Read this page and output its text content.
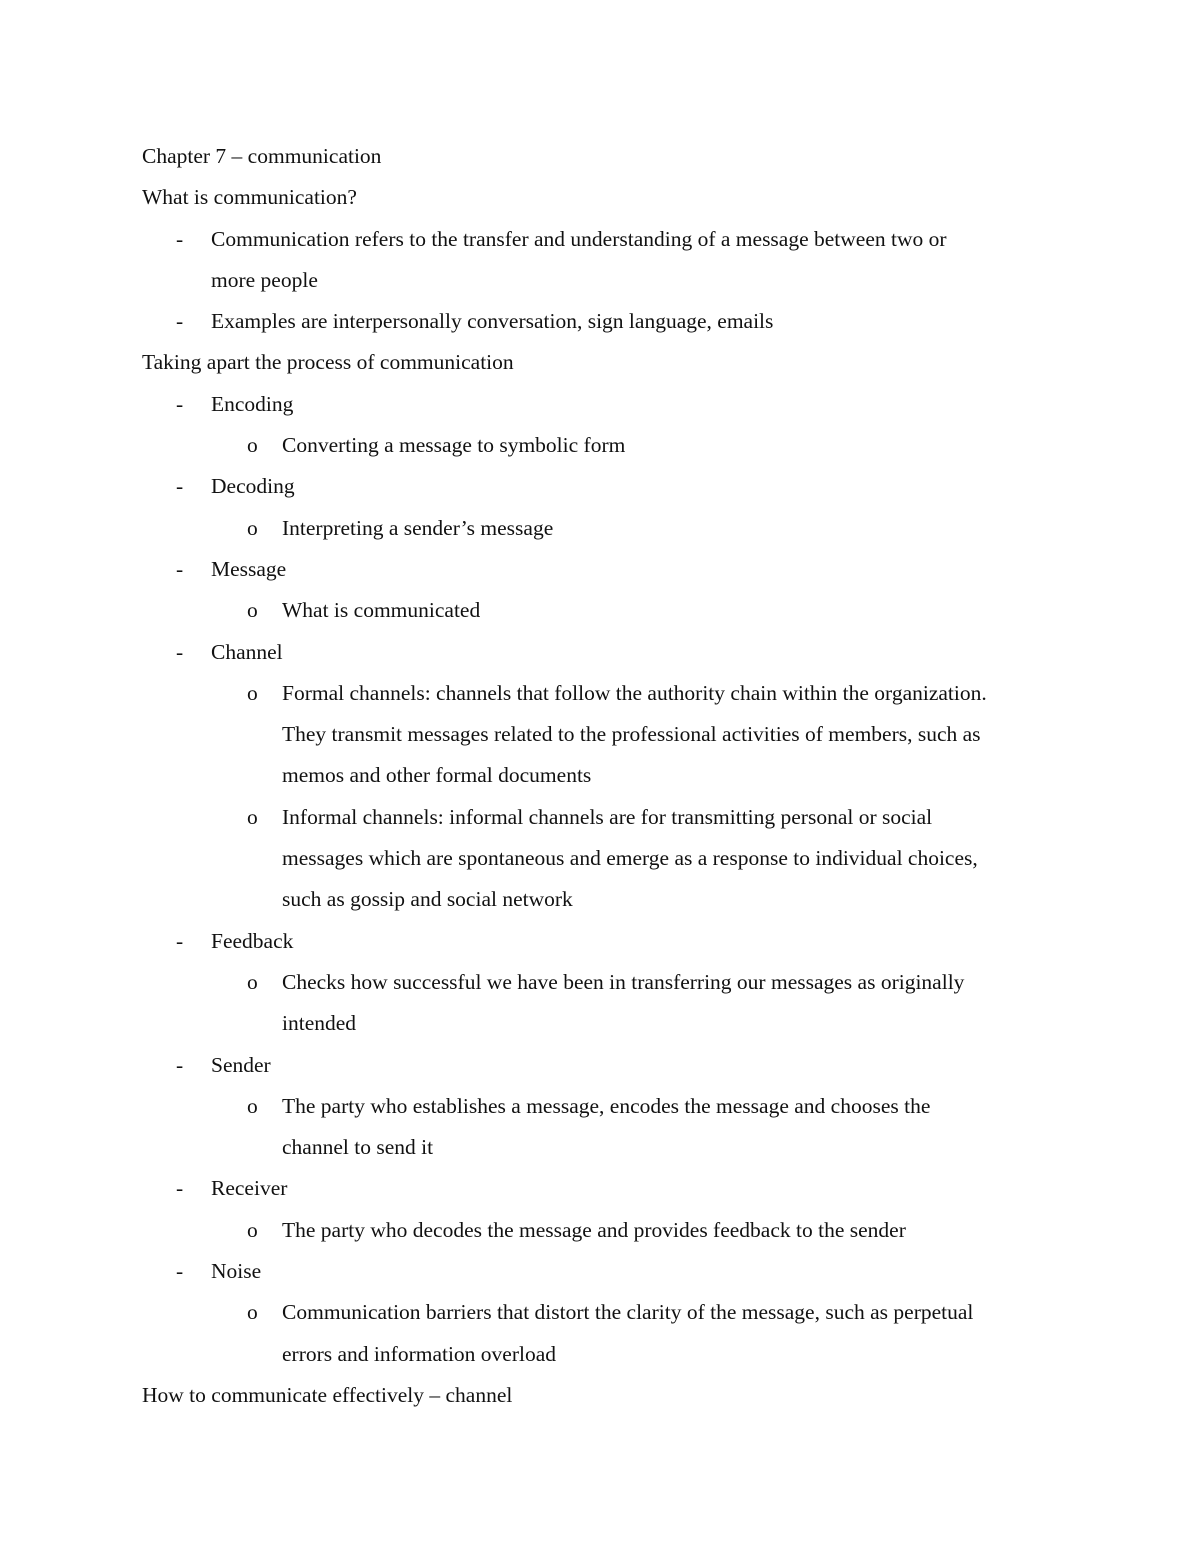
Chapter 7 – communication
What is communication?
- Communication refers to the transfer and understanding of a message between two or
more people
- Examples are interpersonally conversation, sign language, emails
Taking apart the process of communication
- Encoding
o Converting a message to symbolic form
- Decoding
o Interpreting a sender’s message
- Message
o What is communicated
- Channel
o Formal channels: channels that follow the authority chain within the organization.
They transmit messages related to the professional activities of members, such as
memos and other formal documents
o Informal channels: informal channels are for transmitting personal or social
messages which are spontaneous and emerge as a response to individual choices,
such as gossip and social network
- Feedback
o Checks how successful we have been in transferring our messages as originally
intended
- Sender
o The party who establishes a message, encodes the message and chooses the
channel to send it
- Receiver
o The party who decodes the message and provides feedback to the sender
- Noise
o Communication barriers that distort the clarity of the message, such as perpetual
errors and information overload
How to communicate effectively – channel
